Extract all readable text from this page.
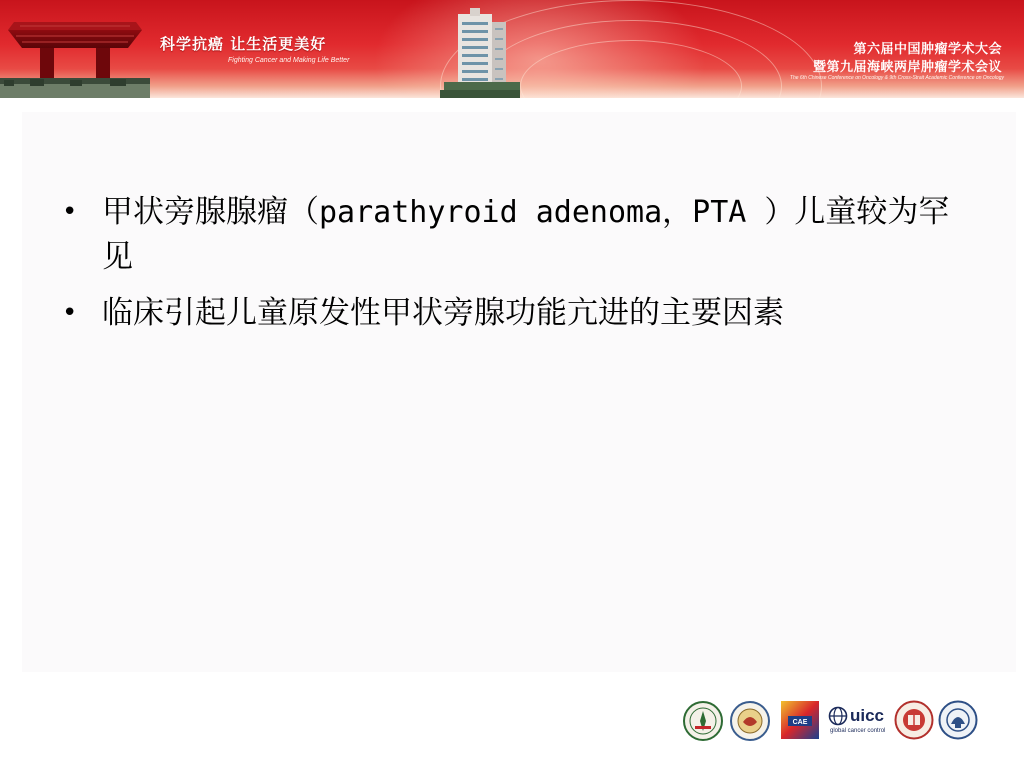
科学抗癌 让生活更美好
Fighting Cancer and Making Life Better
第六届中国肿瘤学术大会
暨第九届海峡两岸肿瘤学术会议
The 6th Chinese Conference on Oncology & 9th Cross-Strait Academic Conference on Oncology
• 甲状旁腺腺瘤（parathyroid adenoma，PTA ）儿童较为罕见
• 临床引起儿童原发性甲状旁腺功能亢进的主要因素
CAE	uicc
global cancer control
